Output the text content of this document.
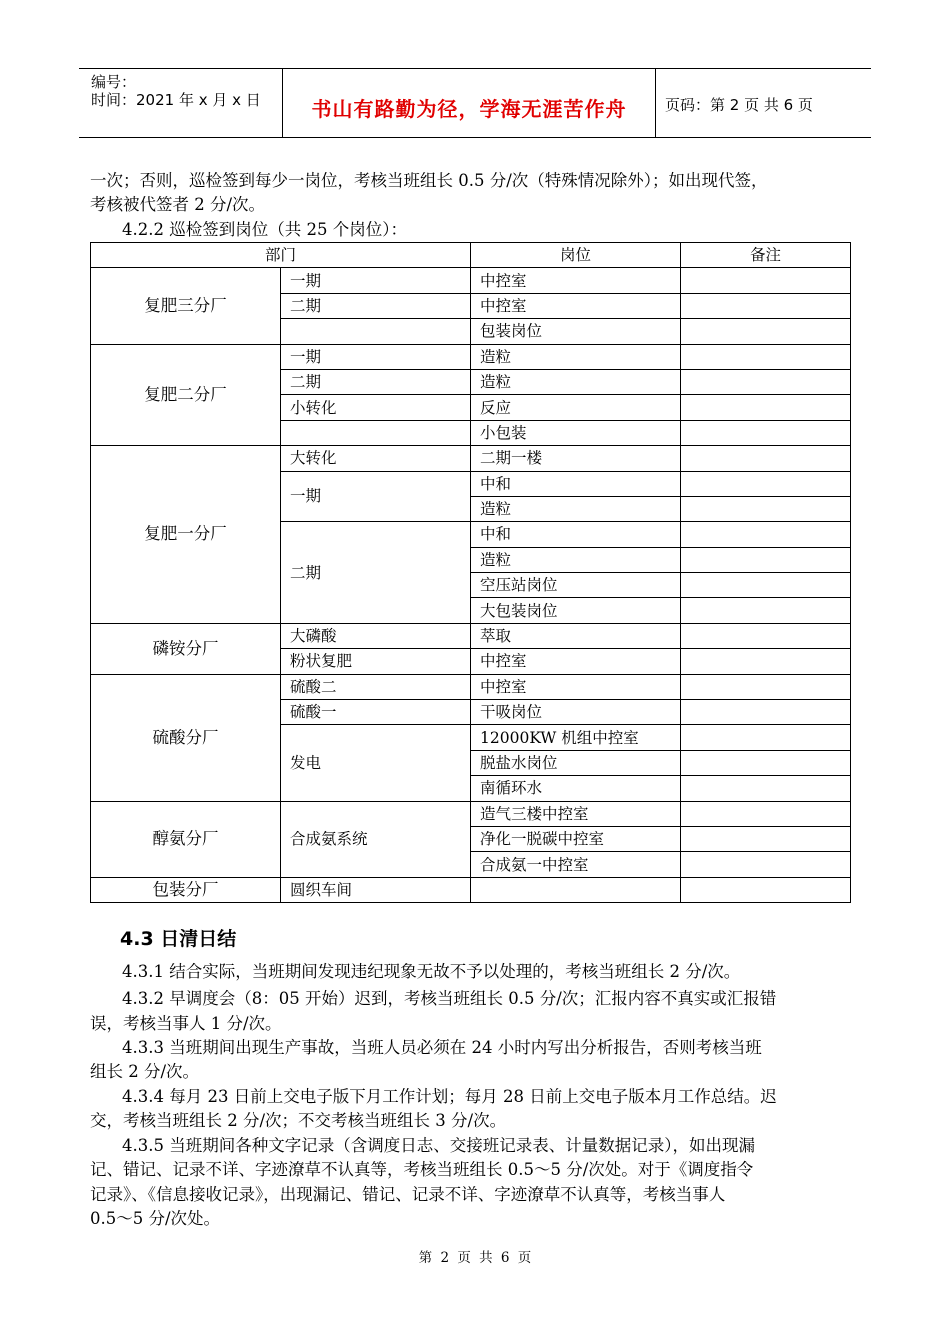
编号：
时间：2021 年 x 月 x 日	书山有路勤为径，学海无涯苦作舟	页码：第 2 页 共 6 页
一次；否则，巡检签到每少一岗位，考核当班组长 0.5 分/次（特殊情况除外）；如出现代签，
考核被代签者 2 分/次。
4.2.2 巡检签到岗位（共 25 个岗位）：
部门		岗位	备注
复肥三分厂	一期	中控室	
	二期	中控室	
		包装岗位	
复肥二分厂	一期	造粒	
	二期	造粒	
	小转化	反应	
		小包装	
复肥一分厂	大转化	二期一楼	
	一期	中和	
		造粒	
	二期	中和	
		造粒	
		空压站岗位	
		大包装岗位	
磷铵分厂	大磷酸	萃取	
	粉状复肥	中控室	
硫酸分厂	硫酸二	中控室	
	硫酸一	干吸岗位	
	发电	12000KW 机组中控室	
		脱盐水岗位	
		南循环水	
醇氨分厂	合成氨系统	造气三楼中控室	
		净化一脱碳中控室	
		合成氨一中控室	
包装分厂	圆织车间		
4.3 日清日结
4.3.1 结合实际，当班期间发现违纪现象无故不予以处理的，考核当班组长 2 分/次。
4.3.2 早调度会（8：05 开始）迟到，考核当班组长 0.5 分/次；汇报内容不真实或汇报错
误，考核当事人 1 分/次。
4.3.3 当班期间出现生产事故，当班人员必须在 24 小时内写出分析报告，否则考核当班
组长 2 分/次。
4.3.4 每月 23 日前上交电子版下月工作计划；每月 28 日前上交电子版本月工作总结。迟
交，考核当班组长 2 分/次；不交考核当班组长 3 分/次。
4.3.5 当班期间各种文字记录（含调度日志、交接班记录表、计量数据记录），如出现漏
记、错记、记录不详、字迹潦草不认真等，考核当班组长 0.5～5 分/次处。对于《调度指令
记录》、《信息接收记录》，出现漏记、错记、记录不详、字迹潦草不认真等，考核当事人
0.5～5 分/次处。
第 2 页 共 6 页
